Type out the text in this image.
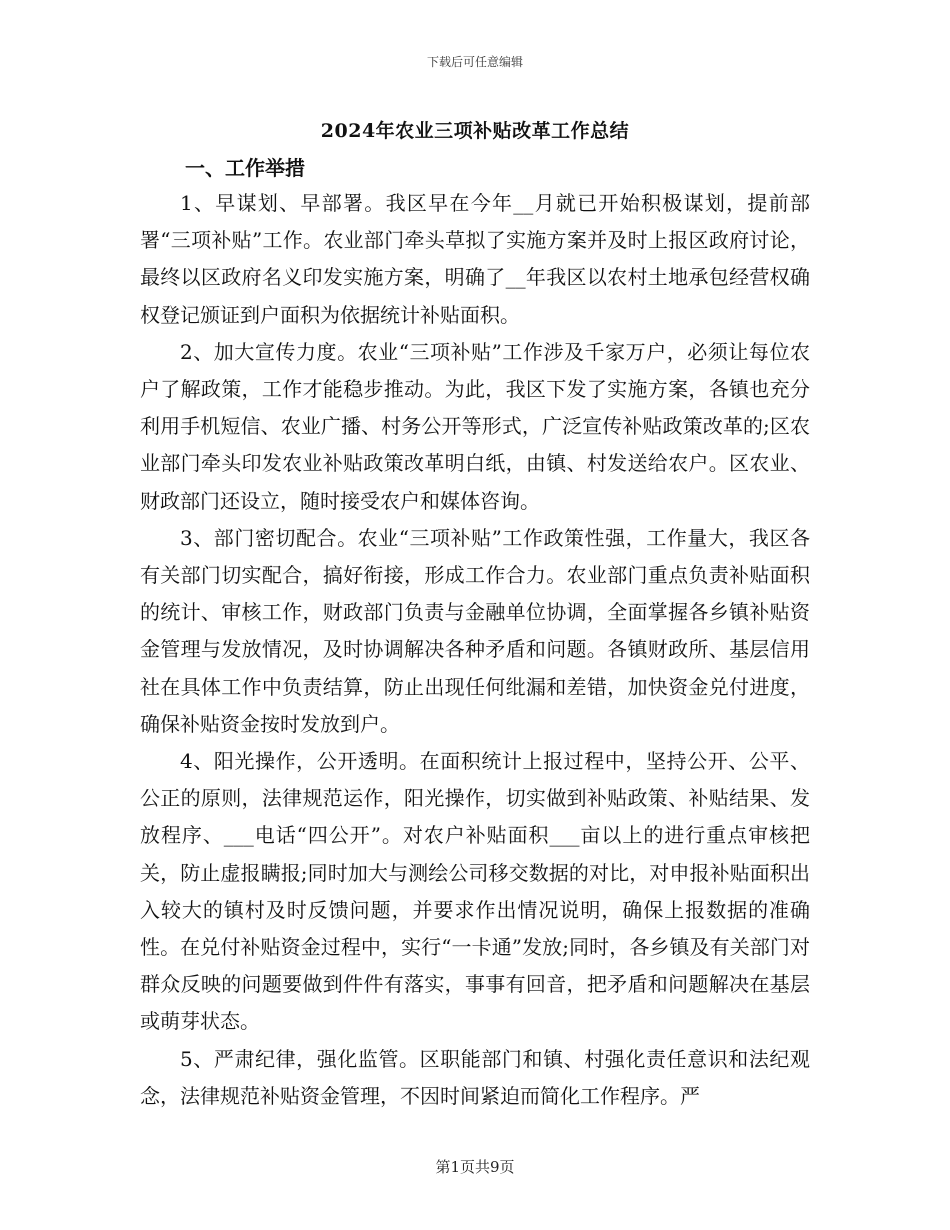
下载后可任意编辑
2024年农业三项补贴改革工作总结
一、工作举措

1、早谋划、早部署。我区早在今年__月就已开始积极谋划，提前部署“三项补贴”工作。农业部门牵头草拟了实施方案并及时上报区政府讨论，最终以区政府名义印发实施方案，明确了__年我区以农村土地承包经营权确权登记颁证到户面积为依据统计补贴面积。

2、加大宣传力度。农业“三项补贴”工作涉及千家万户，必须让每位农户了解政策，工作才能稳步推动。为此，我区下发了实施方案，各镇也充分利用手机短信、农业广播、村务公开等形式，广泛宣传补贴政策改革的;区农业部门牵头印发农业补贴政策改革明白纸，由镇、村发送给农户。区农业、财政部门还设立，随时接受农户和媒体咨询。

3、部门密切配合。农业“三项补贴”工作政策性强，工作量大，我区各有关部门切实配合，搞好衔接，形成工作合力。农业部门重点负责补贴面积的统计、审核工作，财政部门负责与金融单位协调，全面掌握各乡镇补贴资金管理与发放情况，及时协调解决各种矛盾和问题。各镇财政所、基层信用社在具体工作中负责结算，防止出现任何纰漏和差错，加快资金兑付进度，确保补贴资金按时发放到户。

4、阳光操作，公开透明。在面积统计上报过程中，坚持公开、公平、公正的原则，法律规范运作，阳光操作，切实做到补贴政策、补贴结果、发放程序、___电话“四公开”。对农户补贴面积___亩以上的进行重点审核把关，防止虚报瞒报;同时加大与测绘公司移交数据的对比，对申报补贴面积出入较大的镇村及时反馈问题，并要求作出情况说明，确保上报数据的准确性。在兑付补贴资金过程中，实行“一卡通”发放;同时，各乡镇及有关部门对群众反映的问题要做到件件有落实，事事有回音，把矛盾和问题解决在基层或萌芽状态。

5、严肃纪律，强化监管。区职能部门和镇、村强化责任意识和法纪观念，法律规范补贴资金管理，不因时间紧迫而简化工作程序。严

第1页共9页
